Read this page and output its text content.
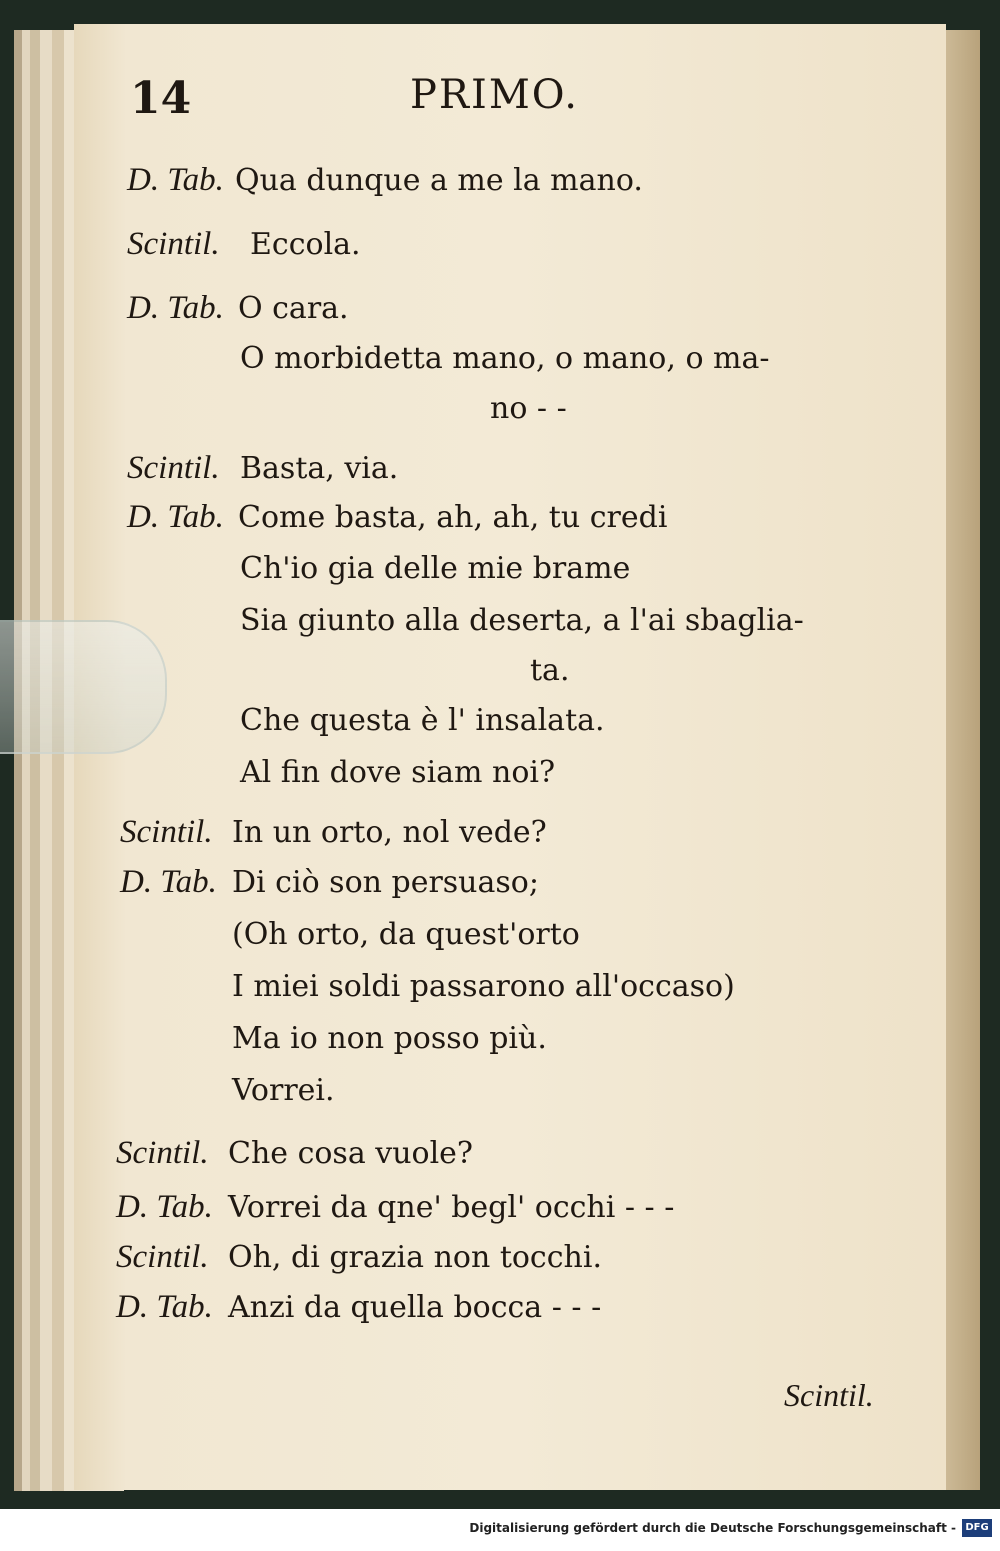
14	PRIMO.
D. Tab. Qua dunque a me la mano.
Scintil. Eccola.
D. Tab. O cara.
O morbidetta mano, o mano, o ma-
no - -
Scintil. Basta, via.
D. Tab. Come basta, ah, ah, tu credi
Ch'io gia delle mie brame
Sia giunto alla deserta, a l'ai sbaglia-
ta.
Che questa è l' insalata.
Al fin dove siam noi?
Scintil. In un orto, nol vede?
D. Tab. Di ciò son persuaso;
(Oh orto, da quest'orto
I miei soldi passarono all'occaso)
Ma io non posso più.
Vorrei.
Scintil. Che cosa vuole?
D. Tab. Vorrei da qne' begl' occhi - - -
Scintil. Oh, di grazia non tocchi.
D. Tab. Anzi da quella bocca - - -
Scintil.
Digitalisierung gefördert durch die Deutsche Forschungsgemeinschaft - DFG
